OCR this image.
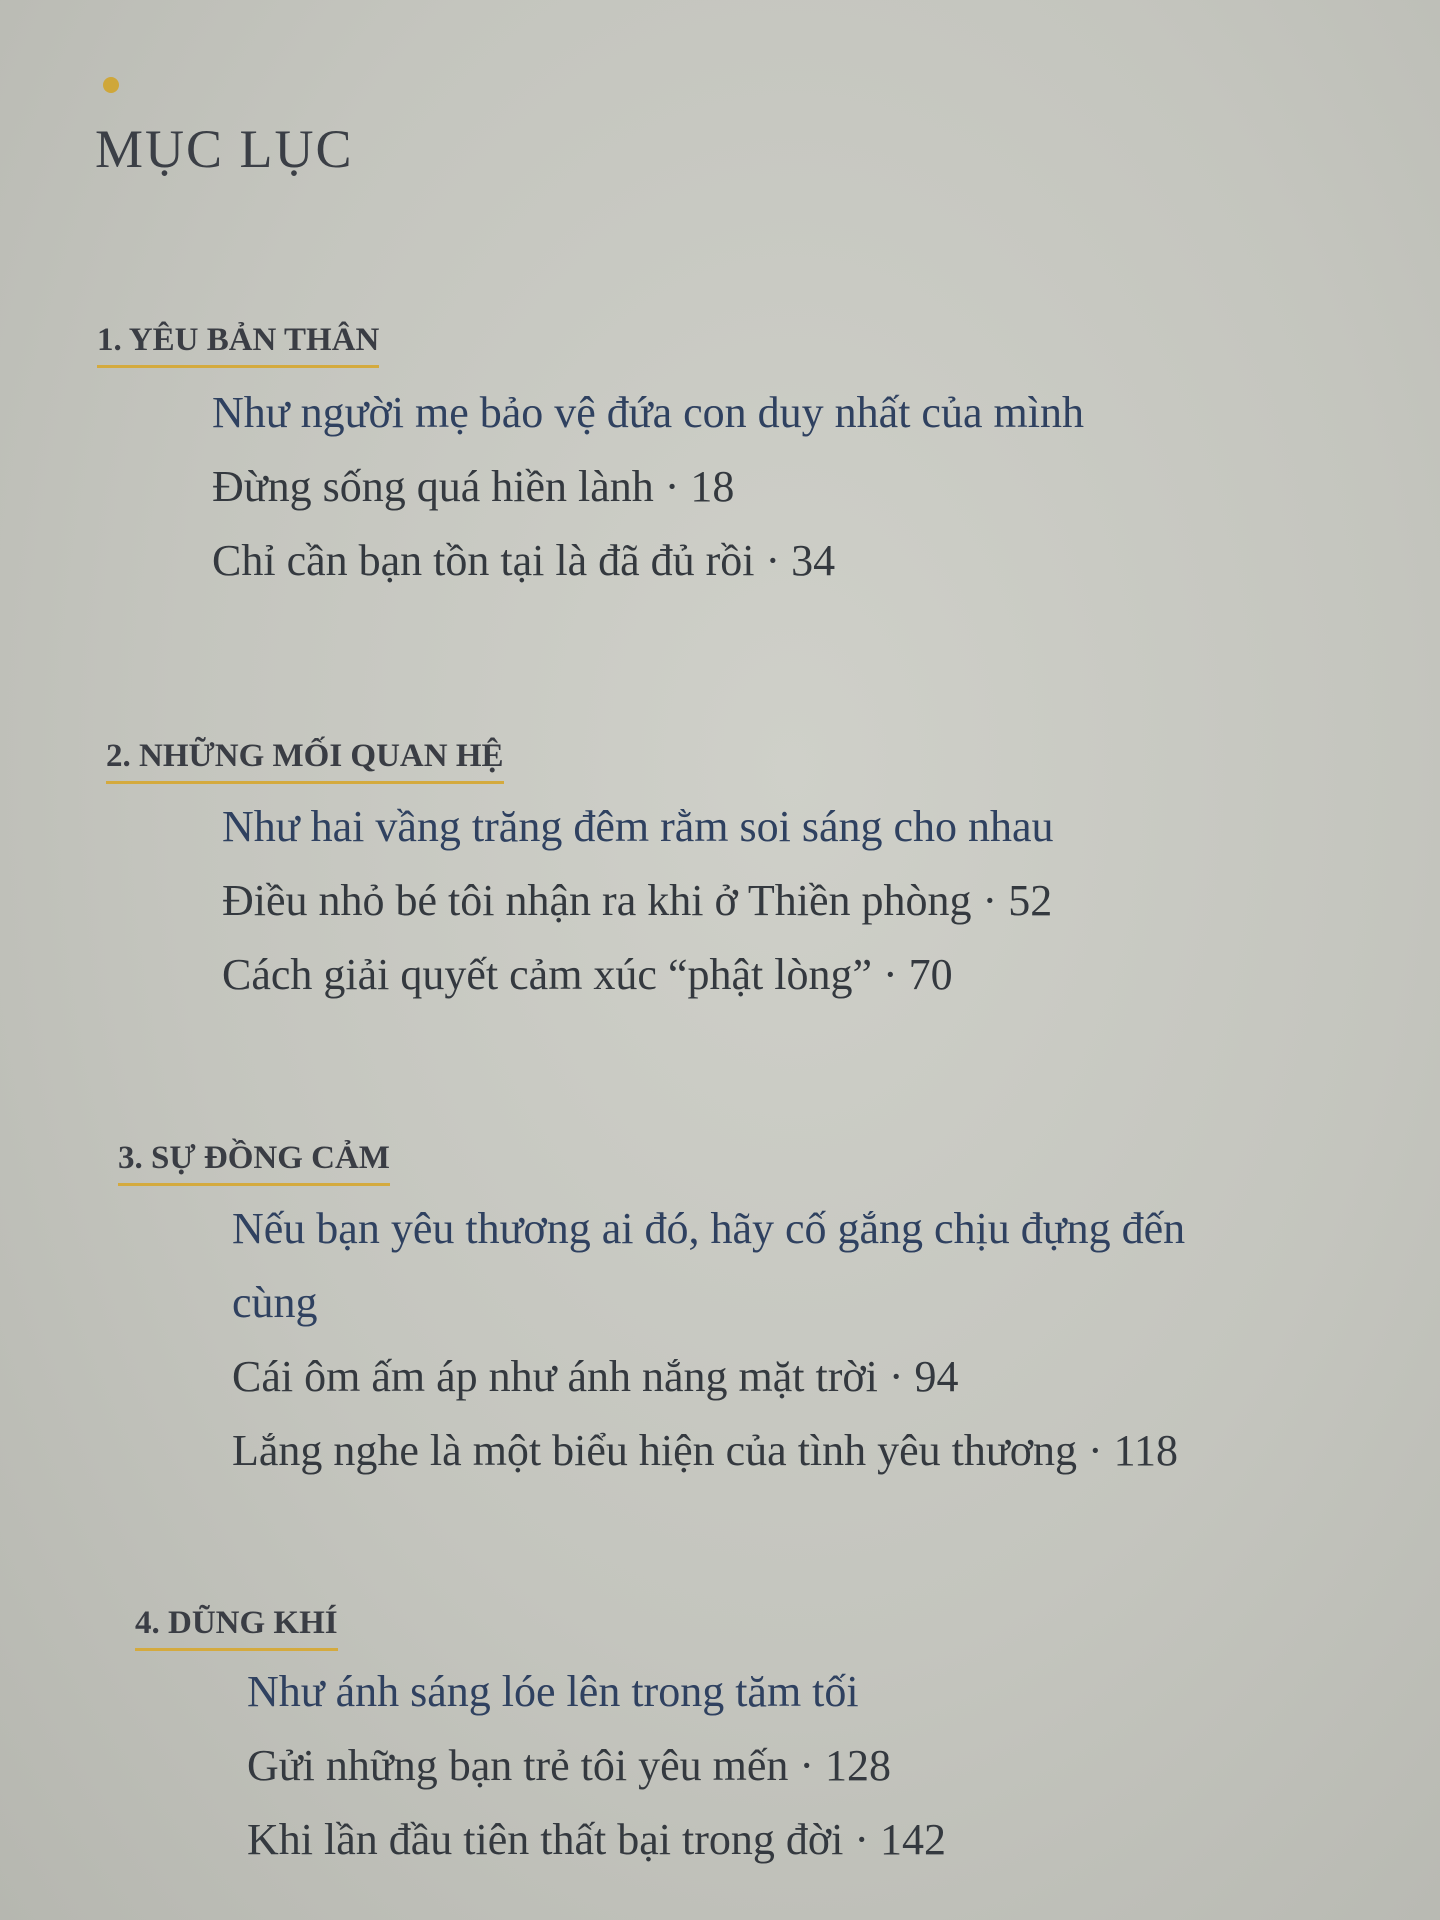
MỤC LỤC
1. YÊU BẢN THÂN
Như người mẹ bảo vệ đứa con duy nhất của mình
Đừng sống quá hiền lành · 18
Chỉ cần bạn tồn tại là đã đủ rồi · 34
2. NHỮNG MỐI QUAN HỆ
Như hai vầng trăng đêm rằm soi sáng cho nhau
Điều nhỏ bé tôi nhận ra khi ở Thiền phòng · 52
Cách giải quyết cảm xúc “phật lòng” · 70
3. SỰ ĐỒNG CẢM
Nếu bạn yêu thương ai đó, hãy cố gắng chịu đựng đến cùng
Cái ôm ấm áp như ánh nắng mặt trời · 94
Lắng nghe là một biểu hiện của tình yêu thương · 118
4. DŨNG KHÍ
Như ánh sáng lóe lên trong tăm tối
Gửi những bạn trẻ tôi yêu mến · 128
Khi lần đầu tiên thất bại trong đời · 142
